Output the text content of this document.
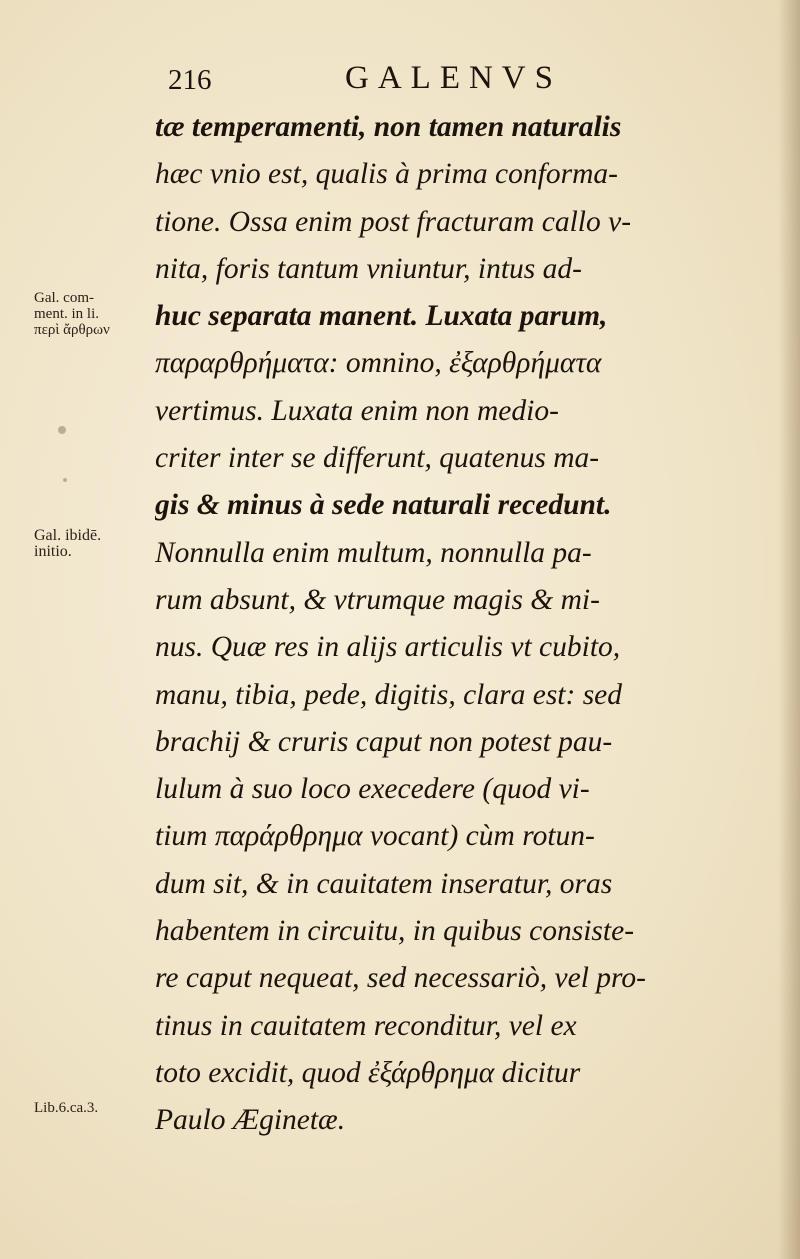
216	GALENVS
Gal. com-
ment. in li.
περὶ ἄρθρων
Gal. ibidē.
initio.
Lib.6.ca.3.
tæ temperamenti, non tamen naturalis
hæc vnio est, qualis à prima conforma-
tione. Ossa enim post fracturam callo v-
nita, foris tantum vniuntur, intus ad-
huc separata manent. Luxata parum,
παραρθρήματα: omnino, ἐξαρθρήματα
vertimus. Luxata enim non medio-
criter inter se differunt, quatenus ma-
gis & minus à sede naturali recedunt.
Nonnulla enim multum, nonnulla pa-
rum absunt, & vtrumque magis & mi-
nus. Quæ res in alijs articulis vt cubito,
manu, tibia, pede, digitis, clara est: sed
brachij & cruris caput non potest pau-
lulum à suo loco execedere (quod vi-
tium παράρθρημα vocant) cùm rotun-
dum sit, & in cauitatem inseratur, oras
habentem in circuitu, in quibus consiste-
re caput nequeat, sed necessariò, vel pro-
tinus in cauitatem reconditur, vel ex
toto excidit, quod ἐξάρθρημα dicitur
Paulo Æginetæ.
